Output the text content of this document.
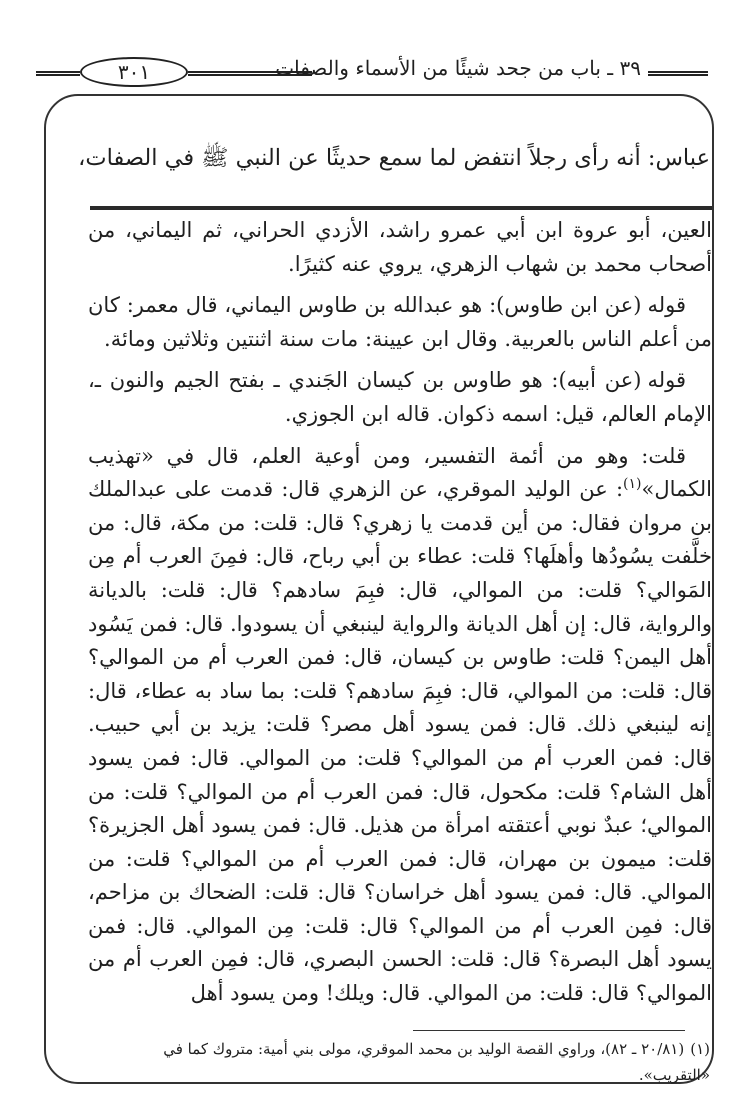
٣٠١	٣٩ ـ باب من جحد شيئًا من الأسماء والصفات
عباس: أنه رأى رجلاً انتفض لما سمع حديثًا عن النبي ﷺ في الصفات،

العين، أبو عروة ابن أبي عمرو راشد، الأزدي الحراني، ثم اليماني، من أصحاب محمد بن شهاب الزهري، يروي عنه كثيرًا.

قوله(عن ابن طاوس): هو عبدالله بن طاوس اليماني، قال معمر: كان من أعلم الناس بالعربية. وقال ابن عيينة: مات سنة اثنتين وثلاثين ومائة.

قوله(عن أبيه): هو طاوس بن كيسان الجَندي ـ بفتح الجيم والنون ـ، الإمام العالم، قيل: اسمه ذكوان. قاله ابن الجوزي.

قلت: وهو من أئمة التفسير، ومن أوعية العلم، قال في «تهذيب الكمال»$^{(١)}$: عن الوليد الموقري، عن الزهري قال: قدمت على عبدالملك بن مروان فقال: من أين قدمت يا زهري؟ قال: قلت: من مكة، قال: من خلَّفت يسُودُها وأهلَها؟ قلت: عطاء بن أبي رباح، قال: فمِنَ العرب أم مِن المَوالي؟ قلت: من الموالي، قال: فبِمَ سادهم؟ قال: قلت: بالديانة والرواية، قال: إن أهل الديانة والرواية لينبغي أن يسودوا. قال: فمن يَسُود أهل اليمن؟ قلت: طاوس بن كيسان، قال: فمن العرب أم من الموالي؟ قال: قلت: من الموالي، قال: فبِمَ سادهم؟ قلت: بما ساد به عطاء، قال: إنه لينبغي ذلك. قال: فمن يسود أهل مصر؟ قلت: يزيد بن أبي حبيب. قال: فمن العرب أم من الموالي؟ قلت: من الموالي. قال: فمن يسود أهل الشام؟ قلت: مكحول، قال: فمن العرب أم من الموالي؟ قلت: من الموالي؛ عبدٌ نوبي أعتقته امرأة من هذيل. قال: فمن يسود أهل الجزيرة؟ قلت: ميمون بن مهران، قال: فمن العرب أم من الموالي؟ قلت: من الموالي. قال: فمن يسود أهل خراسان؟ قال: قلت: الضحاك بن مزاحم، قال: فمِن العرب أم من الموالي؟ قال: قلت: مِن الموالي. قال: فمن يسود أهل البصرة؟ قال: قلت: الحسن البصري، قال: فمِن العرب أم من الموالي؟ قال: قلت: من الموالي. قال: ويلك! ومن يسود أهل

(١)(٢٠/٨١ ـ ٨٢)، وراوي القصة الوليد بن محمد الموقري، مولى بني أمية: متروك كما في «التقريب».
